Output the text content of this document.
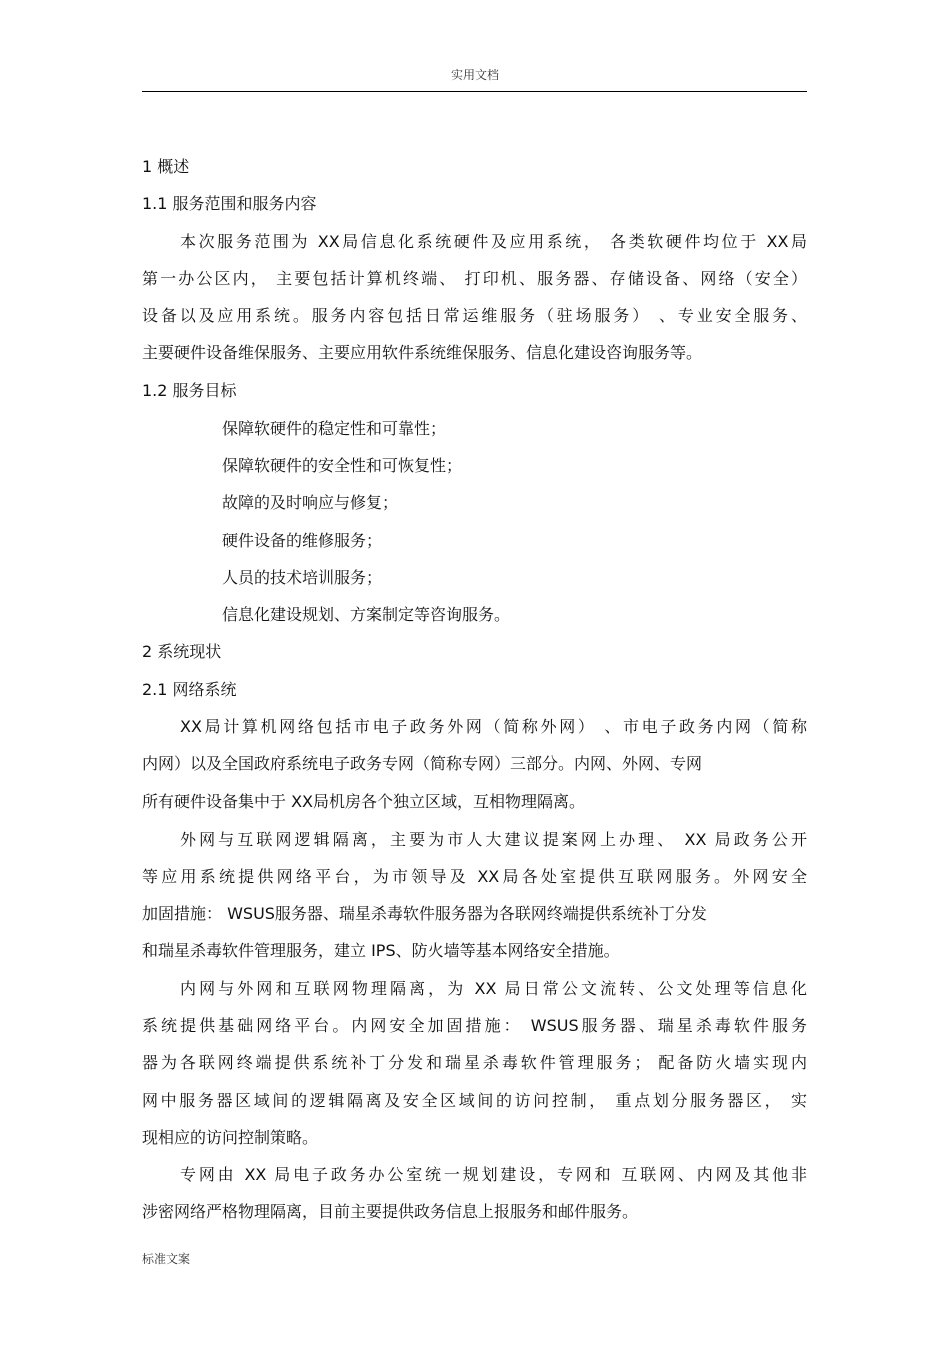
实用文档
1 概述
1.1 服务范围和服务内容
本次服务范围为 XX局信息化系统硬件及应用系统， 各类软硬件均位于 XX局
第一办公区内， 主要包括计算机终端、 打印机、服务器、存储设备、网络（安全）
设备以及应用系统。服务内容包括日常运维服务（驻场服务） 、专业安全服务、
主要硬件设备维保服务、主要应用软件系统维保服务、信息化建设咨询服务等。
1.2 服务目标
保障软硬件的稳定性和可靠性；
保障软硬件的安全性和可恢复性；
故障的及时响应与修复；
硬件设备的维修服务；
人员的技术培训服务；
信息化建设规划、方案制定等咨询服务。
2 系统现状
2.1 网络系统
XX局计算机网络包括市电子政务外网（简称外网） 、市电子政务内网（简称
内网）以及全国政府系统电子政务专网（简称专网）三部分。内网、外网、专网
所有硬件设备集中于 XX局机房各个独立区域，互相物理隔离。
外网与互联网逻辑隔离，主要为市人大建议提案网上办理、 XX 局政务公开
等应用系统提供网络平台，为市领导及 XX局各处室提供互联网服务。外网安全
加固措施： WSUS服务器、瑞星杀毒软件服务器为各联网终端提供系统补丁分发
和瑞星杀毒软件管理服务，建立 IPS、防火墙等基本网络安全措施。
内网与外网和互联网物理隔离，为 XX 局日常公文流转、公文处理等信息化
系统提供基础网络平台。内网安全加固措施： WSUS服务器、瑞星杀毒软件服务
器为各联网终端提供系统补丁分发和瑞星杀毒软件管理服务； 配备防火墙实现内
网中服务器区域间的逻辑隔离及安全区域间的访问控制， 重点划分服务器区， 实
现相应的访问控制策略。
专网由 XX 局电子政务办公室统一规划建设，专网和 互联网、内网及其他非
涉密网络严格物理隔离，目前主要提供政务信息上报服务和邮件服务。
标准文案
